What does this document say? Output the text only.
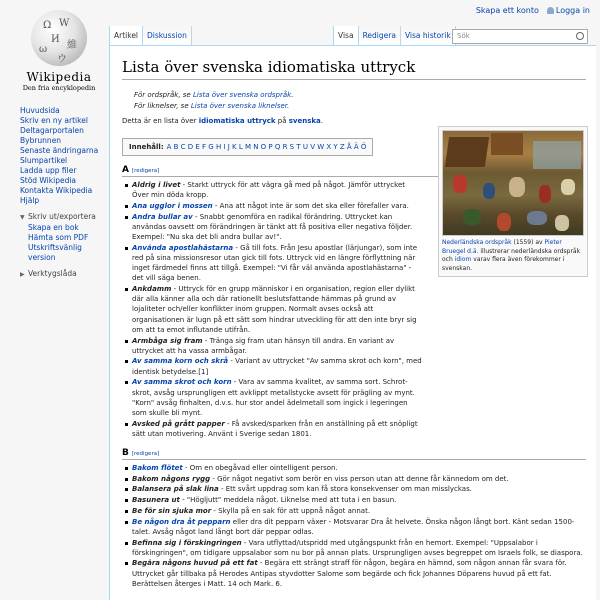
Skapa ett konto	Logga in
Ω W
И
維
ω
ウ
Wikipedia
Den fria encyklopedin
Artikel	Diskussion	Visa	Redigera	Visa historik Sök
Huvudsida
Skriv en ny artikel
Deltagarportalen
Bybrunnen
Senaste ändringarna
Slumpartikel
Ladda upp filer
Stöd Wikipedia
Kontakta Wikipedia
Hjälp
▼ Skriv ut/exportera
Skapa en bok
Hämta som PDF
Utskriftsvänlig version
▶ Verktygslåda
Lista över svenska idiomatiska uttryck
För ordspråk, se Lista över svenska ordspråk.
För liknelser, se Lista över svenska liknelser.
Detta är en lista över idiomatiska uttryck på svenska.
Innehåll: A B C D E F G H I J K L M N O P Q R S T U V W X Y Z Å Ä Ö
A [redigera]
Aldrig i livet - Starkt uttryck för att vägra gå med på något. Jämför uttrycket Över min döda kropp.
Ana ugglor i mossen - Ana att något inte är som det ska eller förefaller vara.
Andra bullar av - Snabbt genomföra en radikal förändring. Uttrycket kan användas oavsett om förändringen är tänkt att få positiva eller negativa följder. Exempel: "Nu ska det bli andra bullar av!".
Använda apostlahästarna - Gå till fots. Från Jesu apostlar (lärjungar), som inte red på sina missionsresor utan gick till fots. Uttryck vid en längre förflyttning när inget färdmedel finns att tillgå. Exempel: "Vi får väl använda apostlahästarna" - det vill säga benen.
Ankdamm - Uttryck för en grupp människor i en organisation, region eller dylikt där alla känner alla och där rationellt beslutsfattande hämmas på grund av lojaliteter och/eller konflikter inom gruppen. Normalt avses också att organisationen är lugn på ett sätt som hindrar utveckling för att den inte bryr sig om att ta emot influtande utifrån.
Armbåga sig fram - Tränga sig fram utan hänsyn till andra. En variant av uttrycket att ha vassa armbågar.
Av samma korn och skrå - Variant av uttrycket "Av samma skrot och korn", med identisk betydelse.[1]
Av samma skrot och korn - Vara av samma kvalitet, av samma sort. Schrot-skrot, avsåg ursprungligen ett avklippt metallstycke avsett för prägling av mynt. "Korn" avsåg finhalten, d.v.s. hur stor andel ädelmetall som ingick i legeringen som skulle bli mynt.
Avsked på grått papper - Få avsked/sparken från en anställning på ett snöpligt sätt utan motivering. Använt i Sverige sedan 1801.
B [redigera]
Bakom flötet - Om en obegåvad eller ointelligent person.
Bakom någons rygg - Gör något negativt som berör en viss person utan att denne får kännedom om det.
Balansera på slak lina - Ett svårt uppdrag som kan få stora konsekvenser om man misslyckas.
Basunera ut - "Högljutt" meddela något. Liknelse med att tuta i en basun.
Be för sin sjuka mor - Skylla på en sak för att uppnå något annat.
Be någon dra åt pepparn eller dra dit pepparn växer - Motsvarar Dra åt helvete. Önska någon långt bort. Känt sedan 1500-talet. Avsåg något land långt bort där peppar odlas.
Befinna sig i förskingringen - Vara utflyttad/utspridd med utgångspunkt från en hemort. Exempel: "Uppsalabor i förskingringen", om tidigare uppsalabor som nu bor på annan plats. Ursprungligen avses begreppet om Israels folk, se diaspora.
Begära någons huvud på ett fat - Begära ett strängt straff för någon, begära en hämnd, som någon annan får svara för. Uttrycket går tillbaka på Herodes Antipas styvdotter Salome som begärde och fick Johannes Döparens huvud på ett fat. Berättelsen återges i Matt. 14 och Mark. 6.
Nederländska ordspråk (1559) av Pieter Bruegel d.ä. illustrerar nederländska ordspråk och idiom varav flera även förekommer i svenskan.
